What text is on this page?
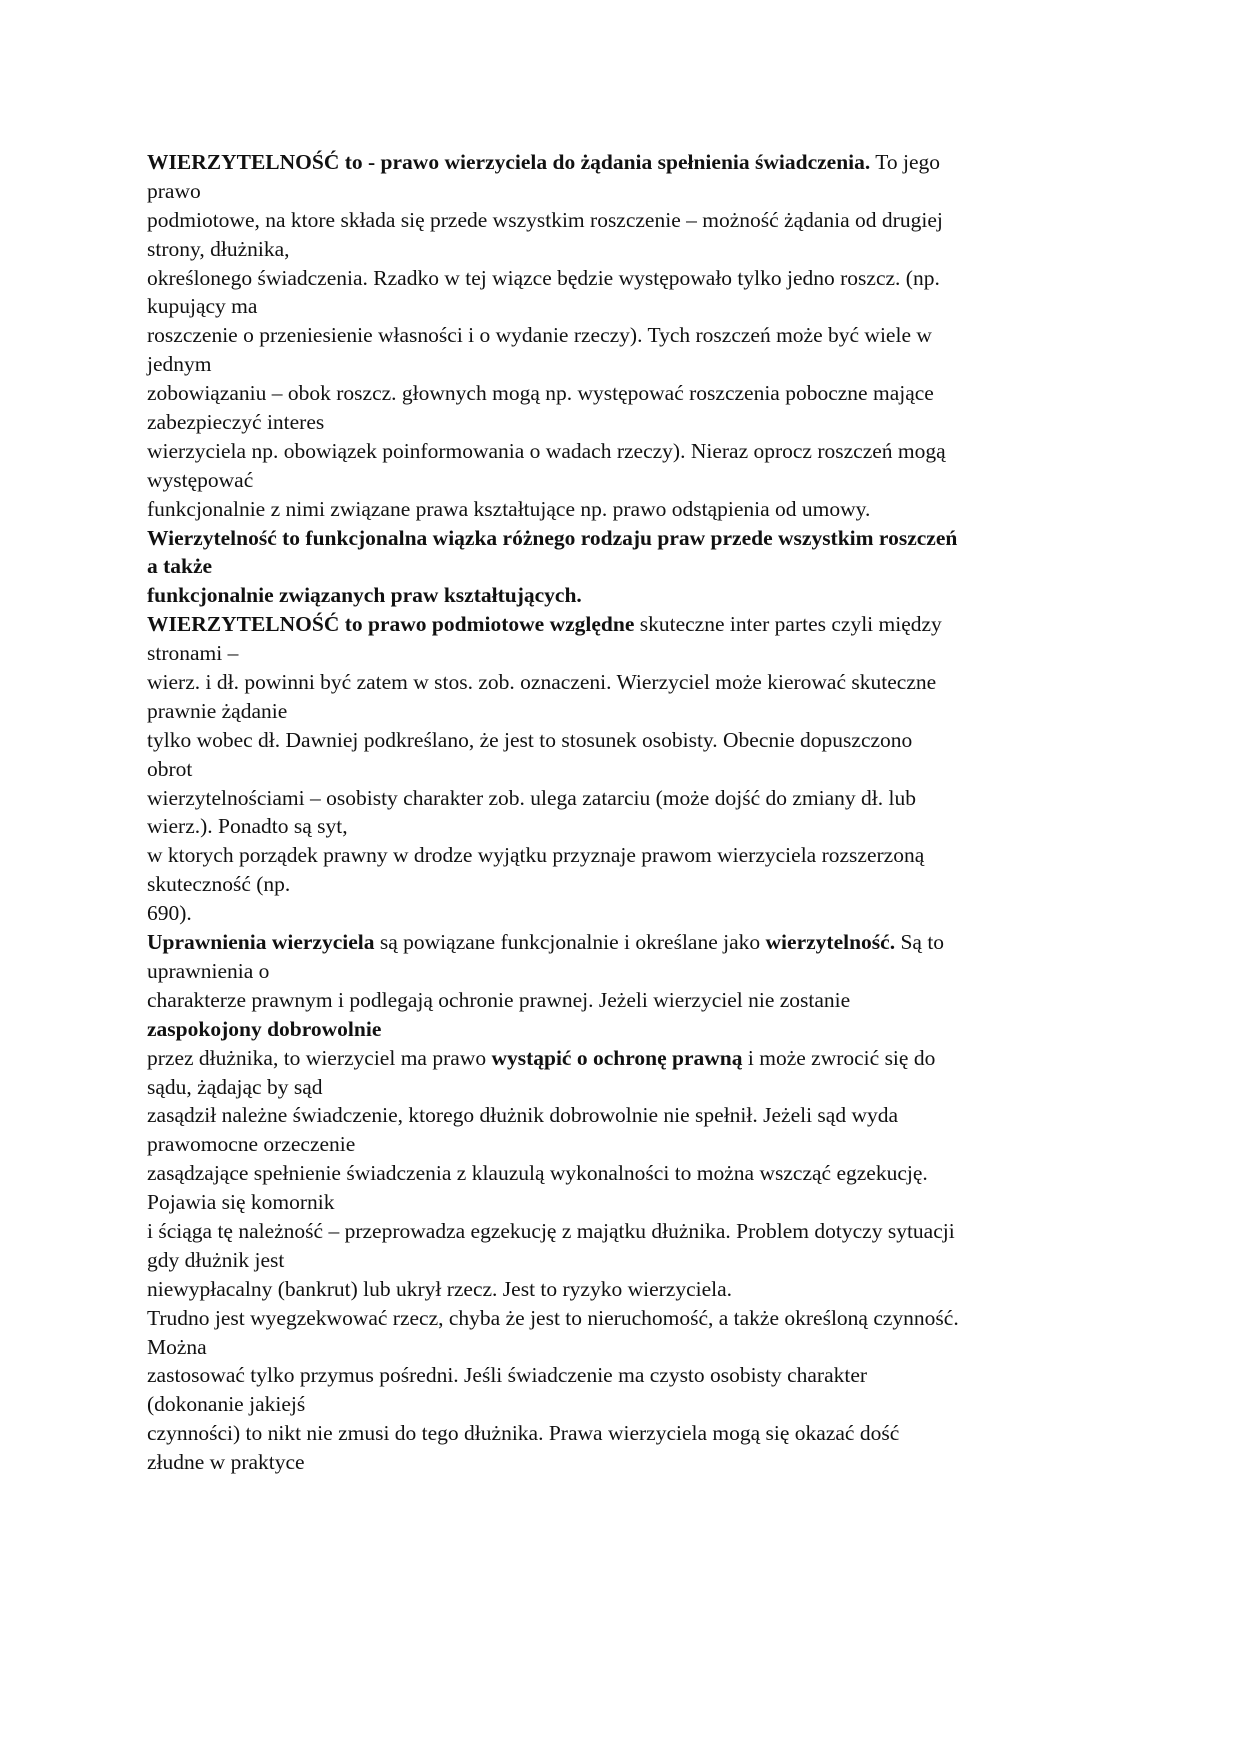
WIERZYTELNOŚĆ to - prawo wierzyciela do żądania spełnienia świadczenia. To jego
prawo
podmiotowe, na ktore składa się przede wszystkim roszczenie – możność żądania od drugiej
strony, dłużnika,
określonego świadczenia. Rzadko w tej wiązce będzie występowało tylko jedno roszcz. (np.
kupujący ma
roszczenie o przeniesienie własności i o wydanie rzeczy). Tych roszczeń może być wiele w
jednym
zobowiązaniu – obok roszcz. głownych mogą np. występować roszczenia poboczne mające
zabezpieczyć interes
wierzyciela np. obowiązek poinformowania o wadach rzeczy). Nieraz oprocz roszczeń mogą
występować
funkcjonalnie z nimi związane prawa kształtujące np. prawo odstąpienia od umowy.
Wierzytelność to funkcjonalna wiązka różnego rodzaju praw przede wszystkim roszczeń
a także
funkcjonalnie związanych praw kształtujących.
WIERZYTELNOŚĆ to prawo podmiotowe względne skuteczne inter partes czyli między
stronami –
wierz. i dł. powinni być zatem w stos. zob. oznaczeni. Wierzyciel może kierować skuteczne
prawnie żądanie
tylko wobec dł. Dawniej podkreślano, że jest to stosunek osobisty. Obecnie dopuszczono
obrot
wierzytelnościami – osobisty charakter zob. ulega zatarciu (może dojść do zmiany dł. lub
wierz.). Ponadto są syt,
w ktorych porządek prawny w drodze wyjątku przyznaje prawom wierzyciela rozszerzoną
skuteczność (np.
690).
Uprawnienia wierzyciela są powiązane funkcjonalnie i określane jako wierzytelność. Są to
uprawnienia o
charakterze prawnym i podlegają ochronie prawnej. Jeżeli wierzyciel nie zostanie
zaspokojony dobrowolnie
przez dłużnika, to wierzyciel ma prawo wystąpić o ochronę prawną i może zwrocić się do
sądu, żądając by sąd
zasądził należne świadczenie, ktorego dłużnik dobrowolnie nie spełnił. Jeżeli sąd wyda
prawomocne orzeczenie
zasądzające spełnienie świadczenia z klauzulą wykonalności to można wszcząć egzekucję.
Pojawia się komornik
i ściąga tę należność – przeprowadza egzekucję z majątku dłużnika. Problem dotyczy sytuacji
gdy dłużnik jest
niewypłacalny (bankrut) lub ukrył rzecz. Jest to ryzyko wierzyciela.
Trudno jest wyegzekwować rzecz, chyba że jest to nieruchomość, a także określoną czynność.
Można
zastosować tylko przymus pośredni. Jeśli świadczenie ma czysto osobisty charakter
(dokonanie jakiejś
czynności) to nikt nie zmusi do tego dłużnika. Prawa wierzyciela mogą się okazać dość
złudne w praktyce
